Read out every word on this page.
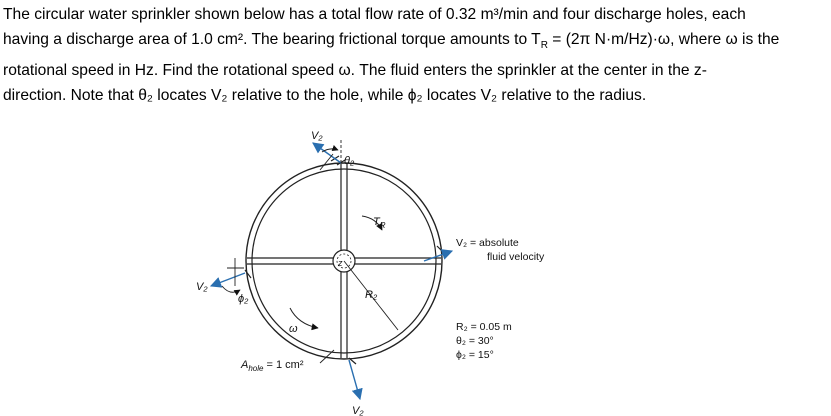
The circular water sprinkler shown below has a total flow rate of 0.32 m³/min and four discharge holes, each
having a discharge area of 1.0 cm². The bearing frictional torque amounts to $T_R = (2\pi$ N·m/Hz)·ω, where ω is the
rotational speed in Hz. Find the rotational speed ω. The fluid enters the sprinkler at the center in the z-
direction. Note that θ₂ locates V₂ relative to the hole, while ϕ₂ locates V₂ relative to the radius.
V₂
θ₂
$T_R$
z
V₂
ϕ₂	R₂
ω
$A_{hole} = 1$ cm²
V₂
V₂ = absolute
fluid velocity
R₂ = 0.05 m
θ₂ = 30°
ϕ₂ = 15°
